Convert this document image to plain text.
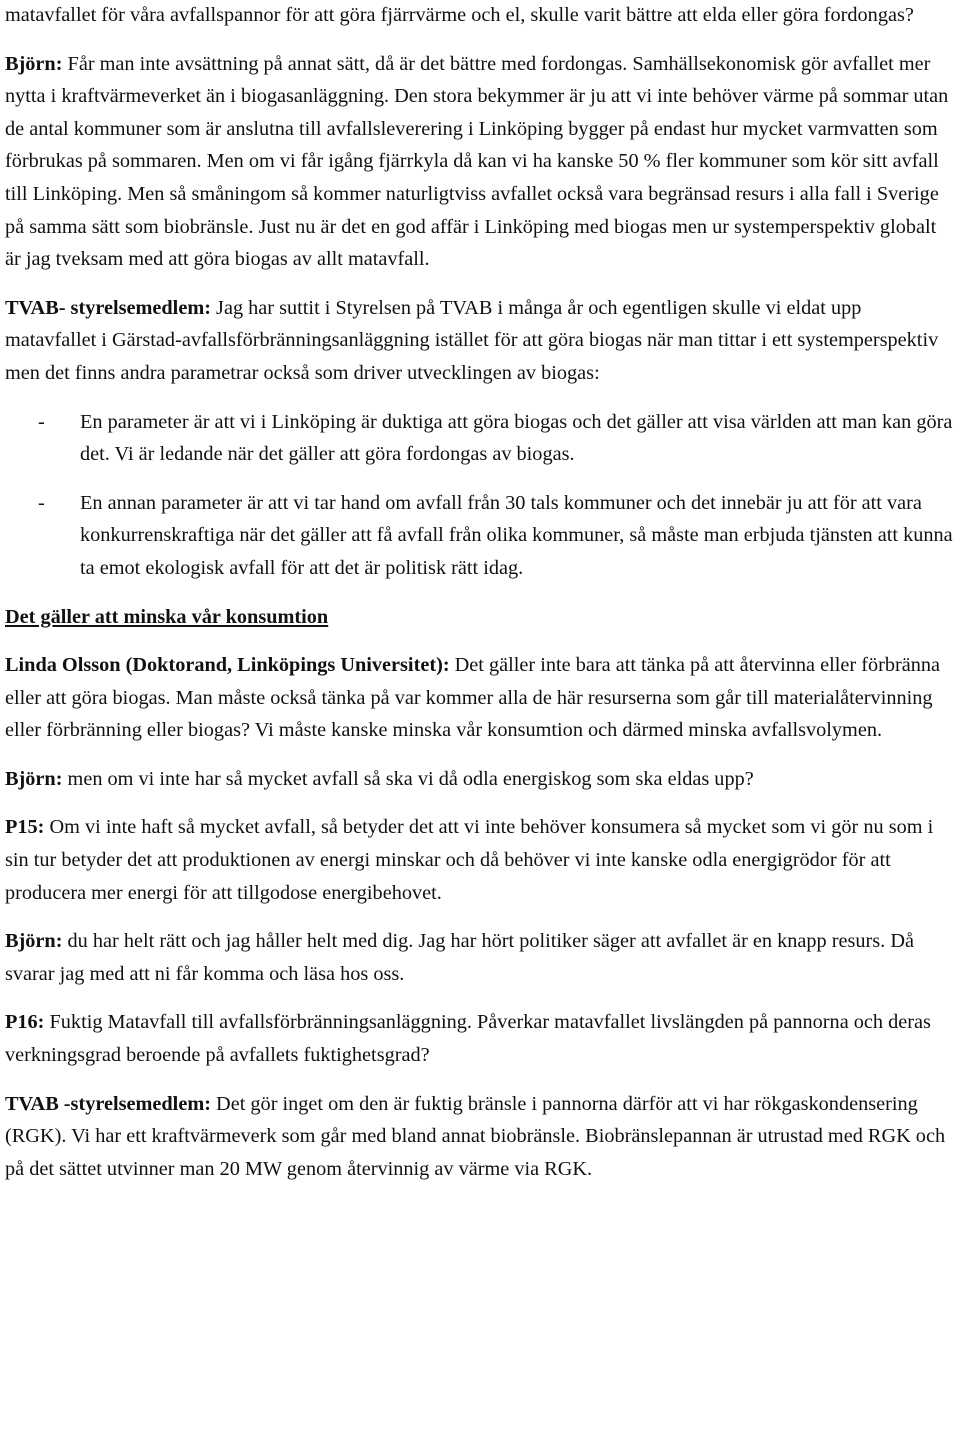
matavfallet för våra avfallspannor för att göra fjärrvärme och el, skulle varit bättre att elda eller göra fordongas?

Björn: Får man inte avsättning på annat sätt, då är det bättre med fordongas. Samhällsekonomisk gör avfallet mer nytta i kraftvärmeverket än i biogasanläggning. Den stora bekymmer är ju att vi inte behöver värme på sommar utan de antal kommuner som är anslutna till avfallsleverering i Linköping bygger på endast hur mycket varmvatten som förbrukas på sommaren. Men om vi får igång fjärrkyla då kan vi ha kanske 50 % fler kommuner som kör sitt avfall till Linköping. Men så småningom så kommer naturligtviss avfallet också vara begränsad resurs i alla fall i Sverige på samma sätt som biobränsle. Just nu är det en god affär i Linköping med biogas men ur systemperspektiv globalt är jag tveksam med att göra biogas av allt matavfall.

TVAB- styrelsemedlem: Jag har suttit i Styrelsen på TVAB i många år och egentligen skulle vi eldat upp matavfallet i Gärstad-avfallsförbränningsanläggning istället för att göra biogas när man tittar i ett systemperspektiv men det finns andra parametrar också som driver utvecklingen av biogas:

-	En parameter är att vi i Linköping är duktiga att göra biogas och det gäller att visa världen att man kan göra det. Vi är ledande när det gäller att göra fordongas av biogas.
-	En annan parameter är att vi tar hand om avfall från 30 tals kommuner och det innebär ju att för att vara konkurrenskraftiga när det gäller att få avfall från olika kommuner, så måste man erbjuda tjänsten att kunna ta emot ekologisk avfall för att det är politisk rätt idag.
Det gäller att minska vår konsumtion

Linda Olsson (Doktorand, Linköpings Universitet): Det gäller inte bara att tänka på att återvinna eller förbränna eller att göra biogas. Man måste också tänka på var kommer alla de här resurserna som går till materialåtervinning eller förbränning eller biogas? Vi måste kanske minska vår konsumtion och därmed minska avfallsvolymen.

Björn: men om vi inte har så mycket avfall så ska vi då odla energiskog som ska eldas upp?

P15: Om vi inte haft så mycket avfall, så betyder det att vi inte behöver konsumera så mycket som vi gör nu som i sin tur betyder det att produktionen av energi minskar och då behöver vi inte kanske odla energigrödor för att producera mer energi för att tillgodose energibehovet.

Björn: du har helt rätt och jag håller helt med dig. Jag har hört politiker säger att avfallet är en knapp resurs. Då svarar jag med att ni får komma och läsa hos oss.

P16: Fuktig Matavfall till avfallsförbränningsanläggning. Påverkar matavfallet livslängden på pannorna och deras verkningsgrad beroende på avfallets fuktighetsgrad?

TVAB -styrelsemedlem: Det gör inget om den är fuktig bränsle i pannorna därför att vi har rökgaskondensering (RGK). Vi har ett kraftvärmeverk som går med bland annat biobränsle. Biobränslepannan är utrustad med RGK och på det sättet utvinner man 20 MW genom återvinnig av värme via RGK.
